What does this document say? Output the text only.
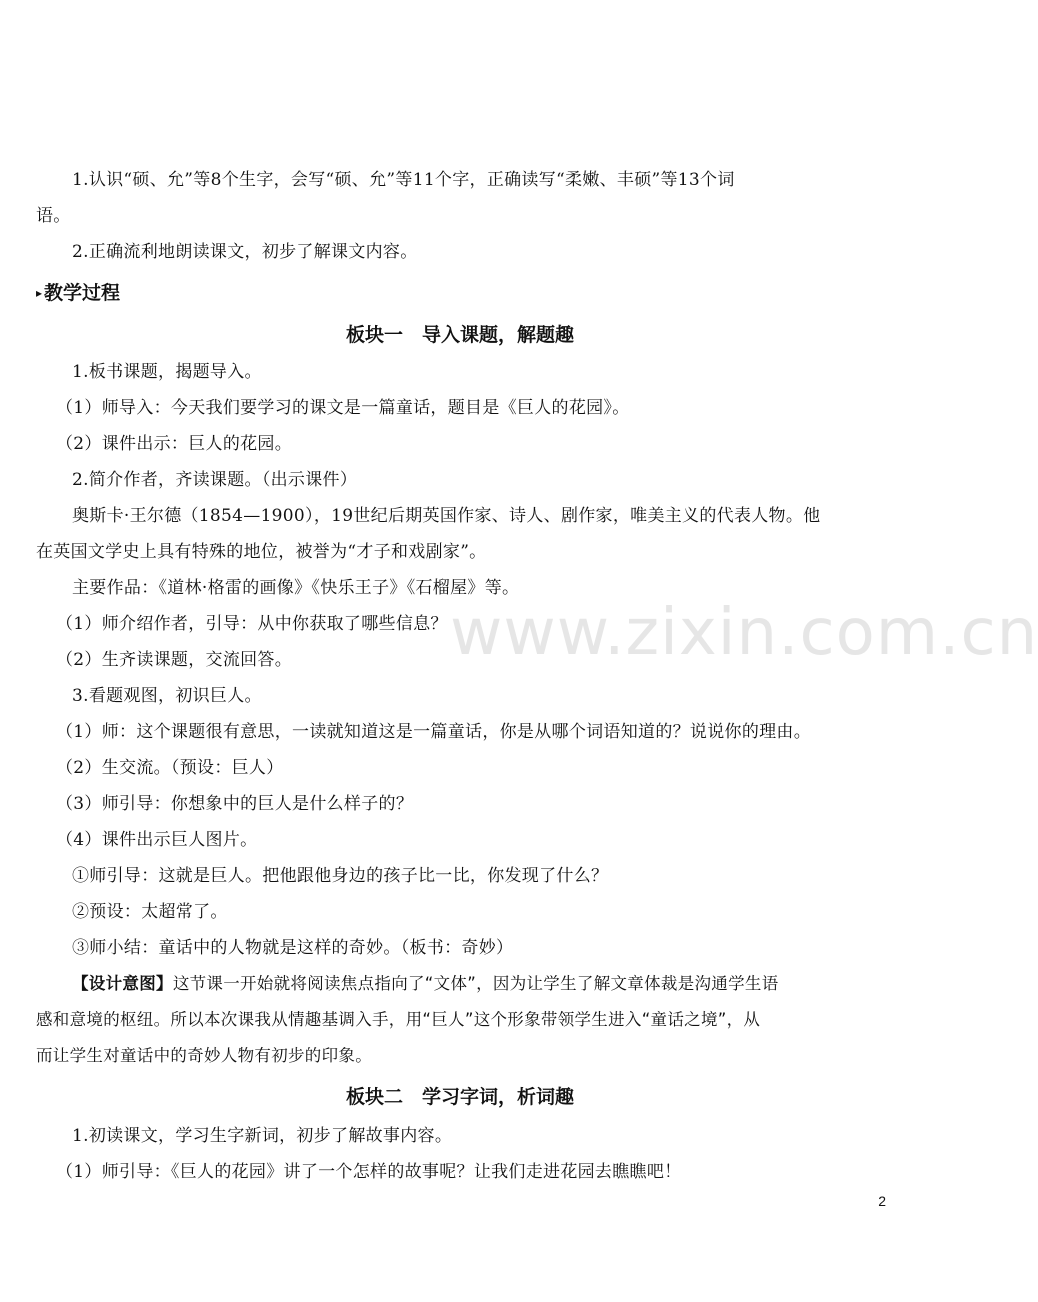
www.zixin.com.cn
1.认识“硕、允”等8个生字，会写“硕、允”等11个字，正确读写“柔嫩、丰硕”等13个词
语。
2.正确流利地朗读课文，初步了解课文内容。
▸ 教学过程
板块一　导入课题，解题趣
1.板书课题，揭题导入。
（1）师导入：今天我们要学习的课文是一篇童话，题目是《巨人的花园》。
（2）课件出示：巨人的花园。
2.简介作者，齐读课题。（出示课件）
奥斯卡·王尔德（1854—1900），19世纪后期英国作家、诗人、剧作家，唯美主义的代表人物。他
在英国文学史上具有特殊的地位，被誉为“才子和戏剧家”。
主要作品：《道林·格雷的画像》《快乐王子》《石榴屋》等。
（1）师介绍作者，引导：从中你获取了哪些信息？
（2）生齐读课题，交流回答。
3.看题观图，初识巨人。
（1）师：这个课题很有意思，一读就知道这是一篇童话，你是从哪个词语知道的？说说你的理由。
（2）生交流。（预设：巨人）
（3）师引导：你想象中的巨人是什么样子的？
（4）课件出示巨人图片。
①师引导：这就是巨人。把他跟他身边的孩子比一比，你发现了什么？
②预设：太超常了。
③师小结：童话中的人物就是这样的奇妙。（板书：奇妙）
【设计意图】这节课一开始就将阅读焦点指向了“文体”，因为让学生了解文章体裁是沟通学生语
感和意境的枢纽。所以本次课我从情趣基调入手，用“巨人”这个形象带领学生进入“童话之境”，从
而让学生对童话中的奇妙人物有初步的印象。
板块二　学习字词，析词趣
1.初读课文，学习生字新词，初步了解故事内容。
（1）师引导：《巨人的花园》讲了一个怎样的故事呢？让我们走进花园去瞧瞧吧！
2
